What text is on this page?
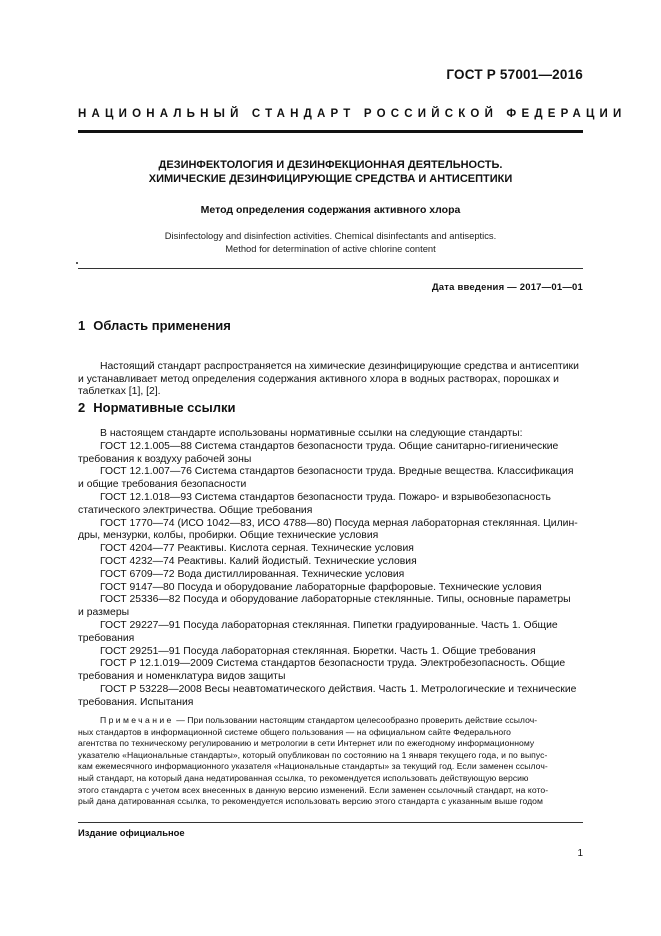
ГОСТ Р 57001—2016
НАЦИОНАЛЬНЫЙ СТАНДАРТ РОССИЙСКОЙ ФЕДЕРАЦИИ
ДЕЗИНФЕКТОЛОГИЯ И ДЕЗИНФЕКЦИОННАЯ ДЕЯТЕЛЬНОСТЬ.
ХИМИЧЕСКИЕ ДЕЗИНФИЦИРУЮЩИЕ СРЕДСТВА И АНТИСЕПТИКИ
Метод определения содержания активного хлора
Disinfectology and disinfection activities. Chemical disinfectants and antiseptics.
Method for determination of active chlorine content
Дата введения — 2017—01—01
1 Область применения
Настоящий стандарт распространяется на химические дезинфицирующие средства и антисептики
и устанавливает метод определения содержания активного хлора в водных растворах, порошках и
таблетках [1], [2].
2 Нормативные ссылки
В настоящем стандарте использованы нормативные ссылки на следующие стандарты:
ГОСТ 12.1.005—88 Система стандартов безопасности труда. Общие санитарно-гигиенические
требования к воздуху рабочей зоны
ГОСТ 12.1.007—76 Система стандартов безопасности труда. Вредные вещества. Классификация
и общие требования безопасности
ГОСТ 12.1.018—93 Система стандартов безопасности труда. Пожаро- и взрывобезопасность
статического электричества. Общие требования
ГОСТ 1770—74 (ИСО 1042—83, ИСО 4788—80) Посуда мерная лабораторная стеклянная. Цилин-
дры, мензурки, колбы, пробирки. Общие технические условия
ГОСТ 4204—77 Реактивы. Кислота серная. Технические условия
ГОСТ 4232—74 Реактивы. Калий йодистый. Технические условия
ГОСТ 6709—72 Вода дистиллированная. Технические условия
ГОСТ 9147—80 Посуда и оборудование лабораторные фарфоровые. Технические условия
ГОСТ 25336—82 Посуда и оборудование лабораторные стеклянные. Типы, основные параметры
и размеры
ГОСТ 29227—91 Посуда лабораторная стеклянная. Пипетки градуированные. Часть 1. Общие
требования
ГОСТ 29251—91 Посуда лабораторная стеклянная. Бюретки. Часть 1. Общие требования
ГОСТ Р 12.1.019—2009 Система стандартов безопасности труда. Электробезопасность. Общие
требования и номенклатура видов защиты
ГОСТ Р 53228—2008 Весы неавтоматического действия. Часть 1. Метрологические и технические
требования. Испытания
Примечание — При пользовании настоящим стандартом целесообразно проверить действие ссылоч-
ных стандартов в информационной системе общего пользования — на официальном сайте Федерального
агентства по техническому регулированию и метрологии в сети Интернет или по ежегодному информационному
указателю «Национальные стандарты», который опубликован по состоянию на 1 января текущего года, и по выпус-
кам ежемесячного информационного указателя «Национальные стандарты» за текущий год. Если заменен ссылоч-
ный стандарт, на который дана недатированная ссылка, то рекомендуется использовать действующую версию
этого стандарта с учетом всех внесенных в данную версию изменений. Если заменен ссылочный стандарт, на кото-
рый дана датированная ссылка, то рекомендуется использовать версию этого стандарта с указанным выше годом
Издание официальное
1
